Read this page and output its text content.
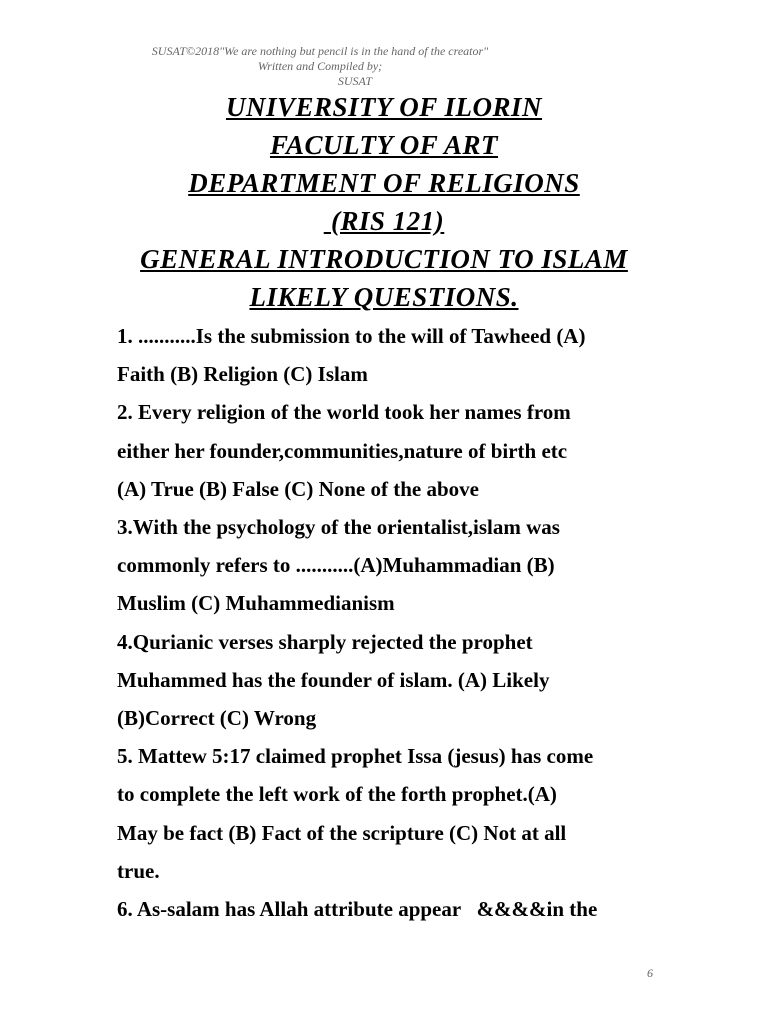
SUSAT©2018"We are nothing but pencil is in the hand of the creator"
Written and Compiled by;
SUSAT
UNIVERSITY OF ILORIN
FACULTY OF ART
DEPARTMENT OF RELIGIONS
(RIS 121)
GENERAL INTRODUCTION TO ISLAM
LIKELY QUESTIONS.
1. ...........Is the submission to the will of Tawheed (A)
Faith (B) Religion (C) Islam
2. Every religion of the world took her names from
either her founder,communities,nature of birth etc
(A) True (B) False (C) None of the above
3.With the psychology of the orientalist,islam was
commonly refers to ...........(A)Muhammadian (B)
Muslim (C) Muhammedianism
4.Qurianic verses sharply rejected the prophet
Muhammed has the founder of islam. (A) Likely
(B)Correct (C) Wrong
5. Mattew 5:17 claimed prophet Issa (jesus) has come
to complete the left work of the forth prophet.(A)
May be fact (B) Fact of the scripture (C) Not at all
true.
6. As-salam has Allah attribute appear   &&&&in the
6
